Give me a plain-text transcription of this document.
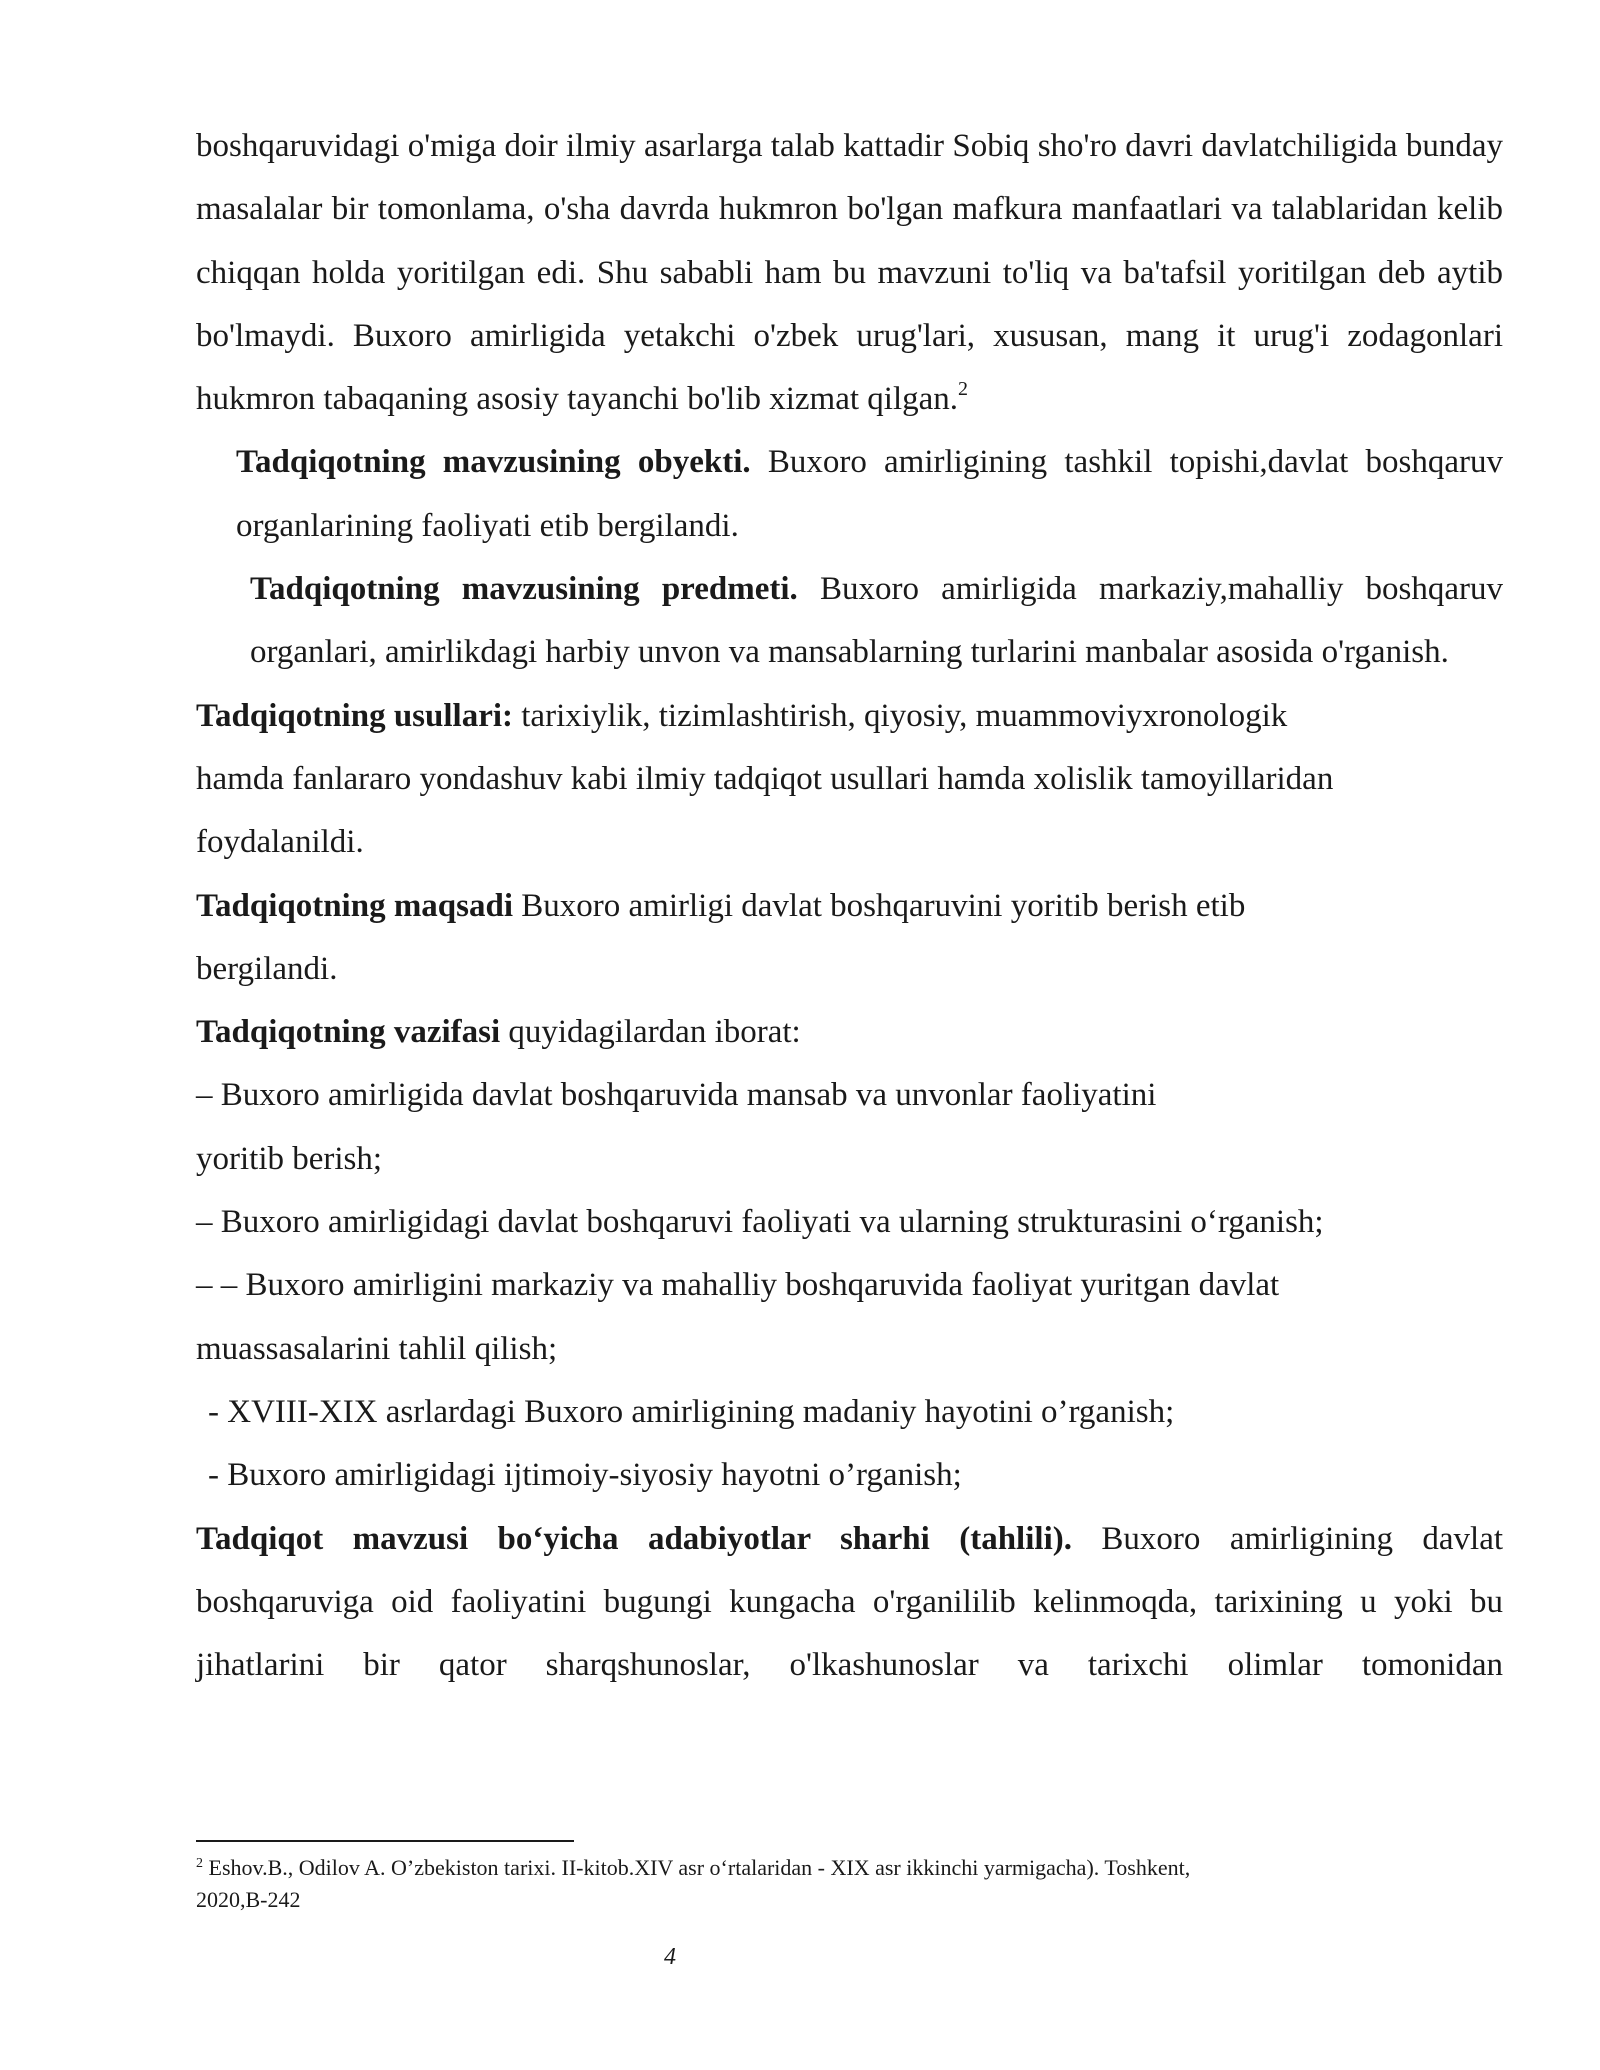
boshqaruvidagi o'miga doir ilmiy asarlarga talab kattadir Sobiq sho'ro davri davlatchiligida bunday masalalar bir tomonlama, o'sha davrda hukmron bo'lgan mafkura manfaatlari va talablaridan kelib chiqqan holda yoritilgan edi. Shu sababli ham bu mavzuni to'liq va ba'tafsil yoritilgan deb aytib bo'lmaydi. Buxoro amirligida yetakchi o'zbek urug'lari, xususan, mang it urug'i zodagonlari hukmron tabaqaning asosiy tayanchi bo'lib xizmat qilgan.$^2$

Tadqiqotning mavzusining obyekti. Buxoro amirligining tashkil topishi,davlat boshqaruv organlarining faoliyati etib bergilandi.

Tadqiqotning mavzusining predmeti. Buxoro amirligida markaziy,mahalliy boshqaruv organlari, amirlikdagi harbiy unvon va mansablarning turlarini manbalar asosida o'rganish.

Tadqiqotning usullari: tarixiylik, tizimlashtirish, qiyosiy, muammoviyxronologik

hamda fanlararo yondashuv kabi ilmiy tadqiqot usullari hamda xolislik tamoyillaridan

foydalanildi.

Tadqiqotning maqsadi Buxoro amirligi davlat boshqaruvini yoritib berish etib

bergilandi.

Tadqiqotning vazifasi quyidagilardan iborat:

– Buxoro amirligida davlat boshqaruvida mansab va unvonlar faoliyatini

yoritib berish;

– Buxoro amirligidagi davlat boshqaruvi faoliyati va ularning strukturasini o‘rganish;

– – Buxoro amirligini markaziy va mahalliy boshqaruvida faoliyat yuritgan davlat

muassasalarini tahlil qilish;

- XVIII-XIX asrlardagi Buxoro amirligining madaniy hayotini o’rganish;

- Buxoro amirligidagi ijtimoiy-siyosiy hayotni o’rganish;

Tadqiqot mavzusi bo‘yicha adabiyotlar sharhi (tahlili). Buxoro amirligining davlat boshqaruviga oid faoliyatini bugungi kungacha o'rganililib kelinmoqda, tarixining u yoki bu jihatlarini bir qator sharqshunoslar, o'lkashunoslar va tarixchi olimlar tomonidan

$^2$ Eshov.B., Odilov A. O’zbekiston tarixi. II-kitob.XIV asr o‘rtalaridan - XIX asr ikkinchi yarmigacha). Toshkent,
2020,B-242
4
